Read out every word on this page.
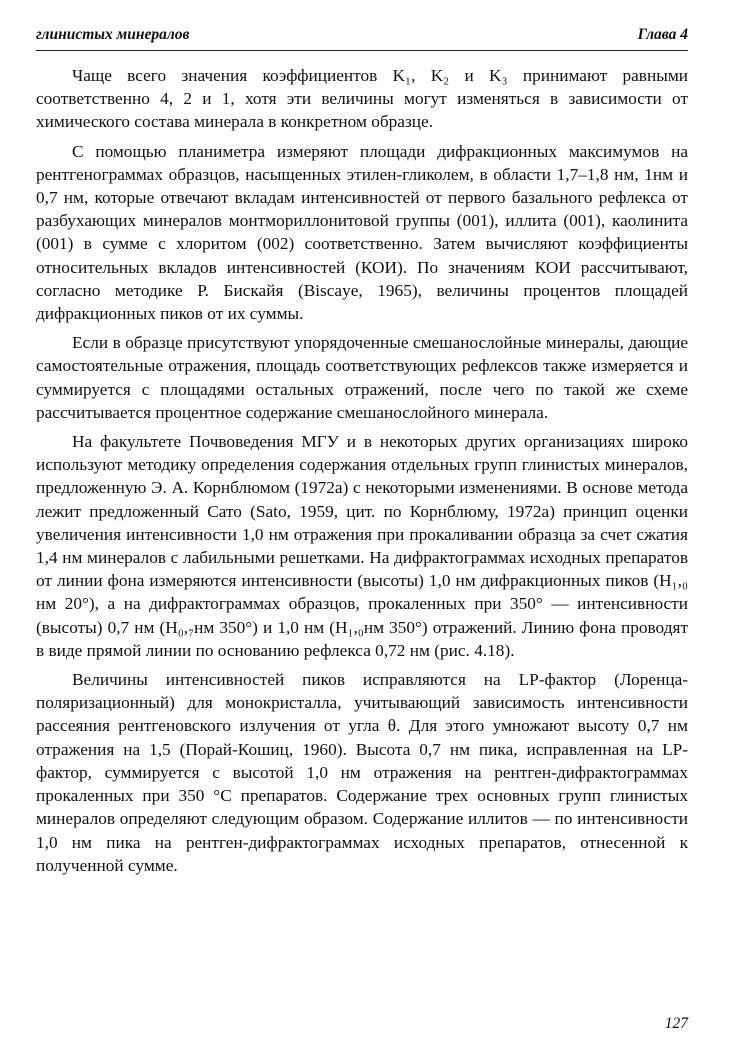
глинистых минералов	Глава 4

Чаще всего значения коэффициентов K₁, K₂ и K₃ принимают равными соответственно 4, 2 и 1, хотя эти величины могут изменяться в зависимости от химического состава минерала в конкретном образце.

С помощью планиметра измеряют площади дифракционных максимумов на рентгенограммах образцов, насыщенных этилен-гликолем, в области 1,7–1,8 нм, 1нм и 0,7 нм, которые отвечают вкладам интенсивностей от первого базального рефлекса от разбухающих минералов монтмориллонитовой группы (001), иллита (001), каолинита (001) в сумме с хлоритом (002) соответственно. Затем вычисляют коэффициенты относительных вкладов интенсивностей (КОИ). По значениям КОИ рассчитывают, согласно методике Р. Бискайя (Biscaye, 1965), величины процентов площадей дифракционных пиков от их суммы.

Если в образце присутствуют упорядоченные смешанослойные минералы, дающие самостоятельные отражения, площадь соответствующих рефлексов также измеряется и суммируется с площадями остальных отражений, после чего по такой же схеме рассчитывается процентное содержание смешанослойного минерала.

На факультете Почвоведения МГУ и в некоторых других организациях широко используют методику определения содержания отдельных групп глинистых минералов, предложенную Э. А. Корнблюмом (1972а) с некоторыми изменениями. В основе метода лежит предложенный Сато (Sato, 1959, цит. по Корнблюму, 1972а) принцип оценки увеличения интенсивности 1,0 нм отражения при прокаливании образца за счет сжатия 1,4 нм минералов с лабильными решетками. На дифрактограммах исходных препаратов от линии фона измеряются интенсивности (высоты) 1,0 нм дифракционных пиков (H₁,₀ нм 20°), а на дифрактограммах образцов, прокаленных при 350° — интенсивности (высоты) 0,7 нм (H₀,₇нм 350°) и 1,0 нм (H₁,₀нм 350°) отражений. Линию фона проводят в виде прямой линии по основанию рефлекса 0,72 нм (рис. 4.18).

Величины интенсивностей пиков исправляются на LP-фактор (Лоренца-поляризационный) для монокристалла, учитывающий зависимость интенсивности рассеяния рентгеновского излучения от угла θ. Для этого умножают высоту 0,7 нм отражения на 1,5 (Порай-Кошиц, 1960). Высота 0,7 нм пика, исправленная на LP-фактор, суммируется с высотой 1,0 нм отражения на рентген-дифрактограммах прокаленных при 350 °C препаратов. Содержание трех основных групп глинистых минералов определяют следующим образом. Содержание иллитов — по интенсивности 1,0 нм пика на рентген-дифрактограммах исходных препаратов, отнесенной к полученной сумме.

127
